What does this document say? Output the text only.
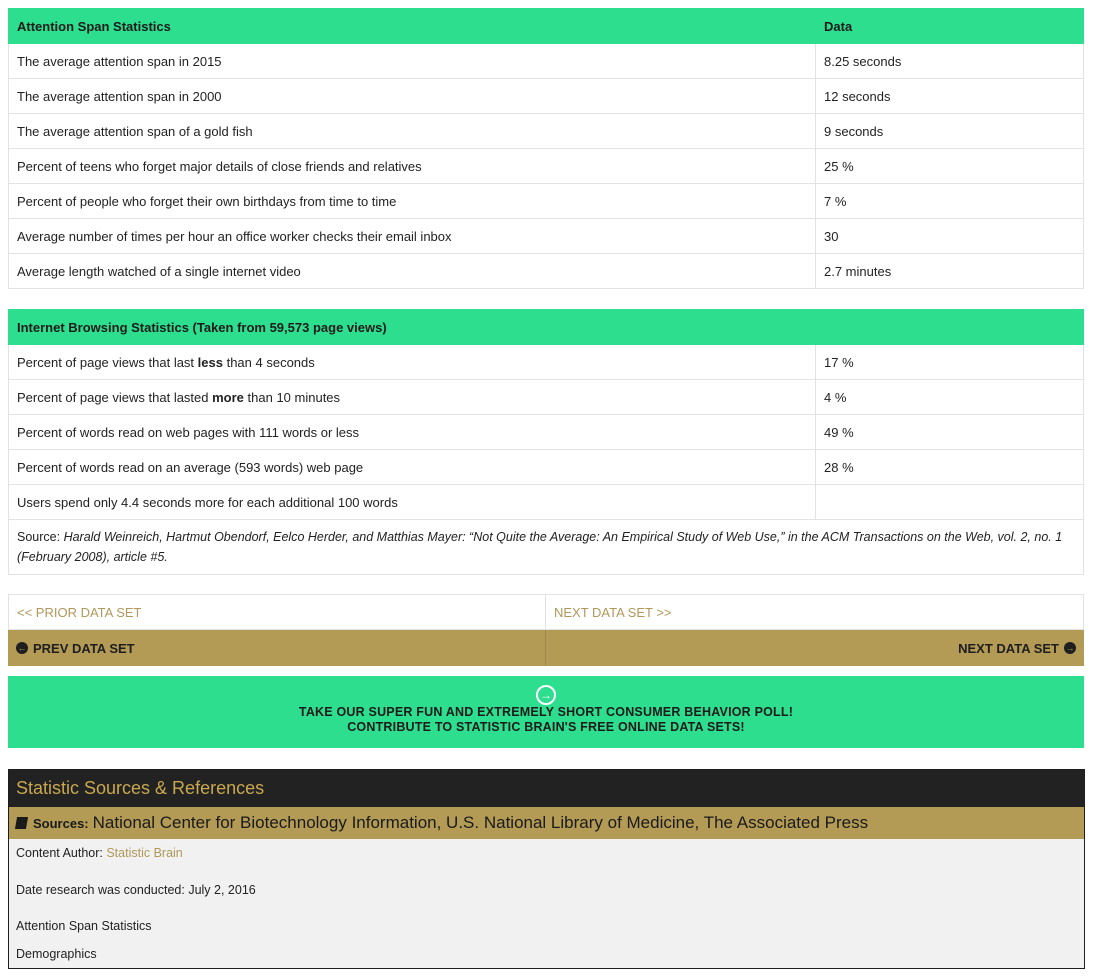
Attention Span Statistics	Data
The average attention span in 2015	8.25 seconds
The average attention span in 2000	12 seconds
The average attention span of a gold fish	9 seconds
Percent of teens who forget major details of close friends and relatives	25 %
Percent of people who forget their own birthdays from time to time	7 %
Average number of times per hour an office worker checks their email inbox	30
Average length watched of a single internet video	2.7 minutes
Internet Browsing Statistics (Taken from 59,573 page views)	
Percent of page views that last less than 4 seconds	17 %
Percent of page views that lasted more than 10 minutes	4 %
Percent of words read on web pages with 111 words or less	49 %
Percent of words read on an average (593 words) web page	28 %
Users spend only 4.4 seconds more for each additional 100 words	
Source: Harald Weinreich, Hartmut Obendorf, Eelco Herder, and Matthias Mayer: “Not Quite the Average: An Empirical Study of Web Use,” in the ACM Transactions on the Web, vol. 2, no. 1 (February 2008), article #5.	
<< PRIOR DATA SET	NEXT DATA SET >>
← PREV DATA SET	NEXT DATA SET →
→
TAKE OUR SUPER FUN AND EXTREMELY SHORT CONSUMER BEHAVIOR POLL!
CONTRIBUTE TO STATISTIC BRAIN'S FREE ONLINE DATA SETS!
Statistic Sources & References
Sources: National Center for Biotechnology Information, U.S. National Library of Medicine, The Associated Press
Content Author: Statistic Brain
Date research was conducted: July 2, 2016
Attention Span Statistics
Demographics
